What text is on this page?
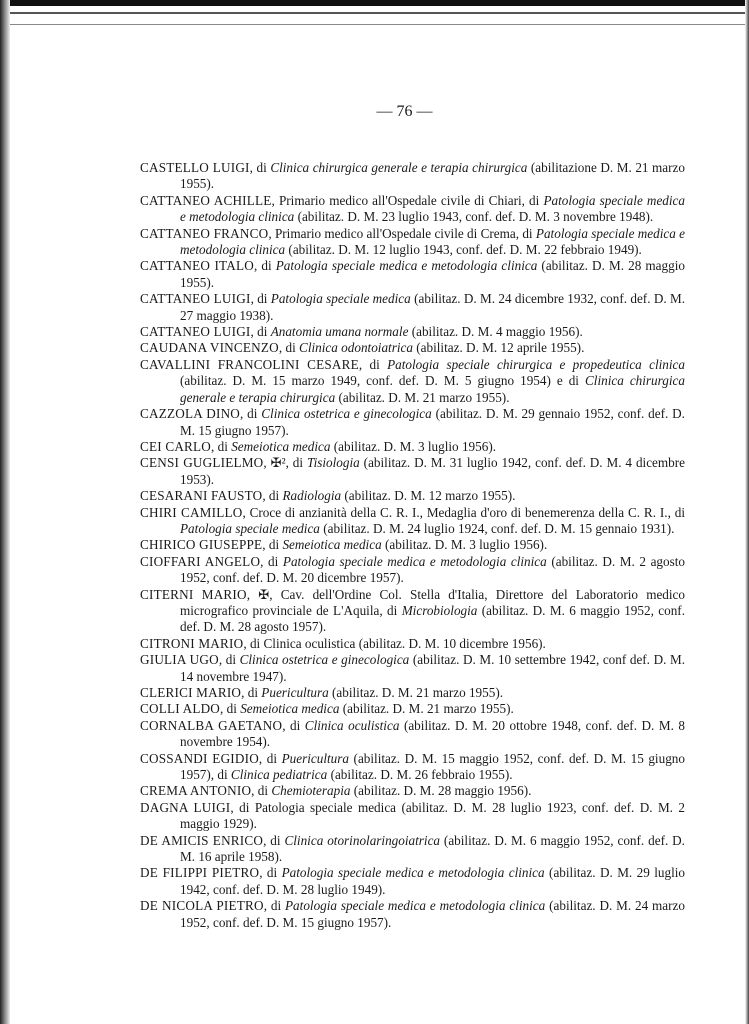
— 76 —
CASTELLO LUIGI, di Clinica chirurgica generale e terapia chirurgica (abilitazione D. M. 21 marzo 1955).
CATTANEO ACHILLE, Primario medico all'Ospedale civile di Chiari, di Patologia speciale medica e metodologia clinica (abilitaz. D. M. 23 luglio 1943, conf. def. D. M. 3 novembre 1948).
CATTANEO FRANCO, Primario medico all'Ospedale civile di Crema, di Patologia speciale medica e metodologia clinica (abilitaz. D. M. 12 luglio 1943, conf. def. D. M. 22 febbraio 1949).
CATTANEO ITALO, di Patologia speciale medica e metodologia clinica (abilitaz. D. M. 28 maggio 1955).
CATTANEO LUIGI, di Patologia speciale medica (abilitaz. D. M. 24 dicembre 1932, conf. def. D. M. 27 maggio 1938).
CATTANEO LUIGI, di Anatomia umana normale (abilitaz. D. M. 4 maggio 1956).
CAUDANA VINCENZO, di Clinica odontoiatrica (abilitaz. D. M. 12 aprile 1955).
CAVALLINI FRANCOLINI CESARE, di Patologia speciale chirurgica e propedeutica clinica (abilitaz. D. M. 15 marzo 1949, conf. def. D. M. 5 giugno 1954) e di Clinica chirurgica generale e terapia chirurgica (abilitaz. D. M. 21 marzo 1955).
CAZZOLA DINO, di Clinica ostetrica e ginecologica (abilitaz. D. M. 29 gennaio 1952, conf. def. D. M. 15 giugno 1957).
CEI CARLO, di Semeiotica medica (abilitaz. D. M. 3 luglio 1956).
CENSI GUGLIELMO, ✠², di Tisiologia (abilitaz. D. M. 31 luglio 1942, conf. def. D. M. 4 dicembre 1953).
CESARANI FAUSTO, di Radiologia (abilitaz. D. M. 12 marzo 1955).
CHIRI CAMILLO, Croce di anzianità della C. R. I., Medaglia d'oro di benemerenza della C. R. I., di Patologia speciale medica (abilitaz. D. M. 24 luglio 1924, conf. def. D. M. 15 gennaio 1931).
CHIRICO GIUSEPPE, di Semeiotica medica (abilitaz. D. M. 3 luglio 1956).
CIOFFARI ANGELO, di Patologia speciale medica e metodologia clinica (abilitaz. D. M. 2 agosto 1952, conf. def. D. M. 20 dicembre 1957).
CITERNI MARIO, ✠, Cav. dell'Ordine Col. Stella d'Italia, Direttore del Laboratorio medico micrografico provinciale de L'Aquila, di Microbiologia (abilitaz. D. M. 6 maggio 1952, conf. def. D. M. 28 agosto 1957).
CITRONI MARIO, di Clinica oculistica (abilitaz. D. M. 10 dicembre 1956).
GIULIA UGO, di Clinica ostetrica e ginecologica (abilitaz. D. M. 10 settembre 1942, conf def. D. M. 14 novembre 1947).
CLERICI MARIO, di Puericultura (abilitaz. D. M. 21 marzo 1955).
COLLI ALDO, di Semeiotica medica (abilitaz. D. M. 21 marzo 1955).
CORNALBA GAETANO, di Clinica oculistica (abilitaz. D. M. 20 ottobre 1948, conf. def. D. M. 8 novembre 1954).
COSSANDI EGIDIO, di Puericultura (abilitaz. D. M. 15 maggio 1952, conf. def. D. M. 15 giugno 1957), di Clinica pediatrica (abilitaz. D. M. 26 febbraio 1955).
CREMA ANTONIO, di Chemioterapia (abilitaz. D. M. 28 maggio 1956).
DAGNA LUIGI, di Patologia speciale medica (abilitaz. D. M. 28 luglio 1923, conf. def. D. M. 2 maggio 1929).
DE AMICIS ENRICO, di Clinica otorinolaringoiatrica (abilitaz. D. M. 6 maggio 1952, conf. def. D. M. 16 aprile 1958).
DE FILIPPI PIETRO, di Patologia speciale medica e metodologia clinica (abilitaz. D. M. 29 luglio 1942, conf. def. D. M. 28 luglio 1949).
DE NICOLA PIETRO, di Patologia speciale medica e metodologia clinica (abilitaz. D. M. 24 marzo 1952, conf. def. D. M. 15 giugno 1957).
